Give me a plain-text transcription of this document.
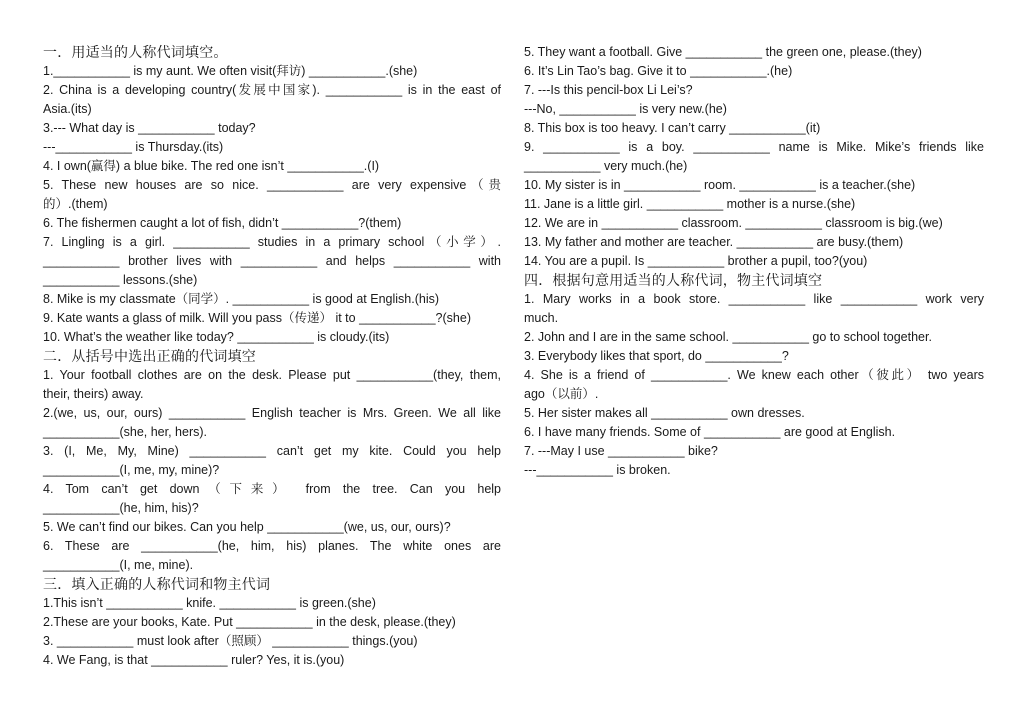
一．用适当的人称代词填空。
1.___________ is my aunt. We often visit(拜访) ___________.(she)
2. China is a developing country(发展中国家). ___________ is in the east of
Asia.(its)
3.--- What day is ___________ today?
---___________ is Thursday.(its)
4. I own(赢得) a blue bike. The red one isn’t ___________.(I)
5. These new houses are so nice. ___________ are very expensive（贵
的）.(them)
6. The fishermen caught a lot of fish, didn’t ___________?(them)
7. Lingling is a girl. ___________ studies in a primary school（小学）.
___________ brother lives with ___________ and helps ___________ with
___________ lessons.(she)
8. Mike is my classmate（同学）. ___________ is good at English.(his)
9. Kate wants a glass of milk. Will you pass（传递） it to ___________?(she)
10. What’s the weather like today? ___________ is cloudy.(its)
二．从括号中选出正确的代词填空
1. Your football clothes are on the desk. Please put ___________(they, them,
their, theirs) away.
2.(we, us, our, ours) ___________ English teacher is Mrs. Green. We all like
___________(she, her, hers).
3. (I, Me, My, Mine) ___________ can’t get my kite. Could you help
___________(I, me, my, mine)?
4. Tom can’t get down（下来） from the tree. Can you help
___________(he, him, his)?
5. We can’t find our bikes. Can you help ___________(we, us, our, ours)?
6. These are ___________(he, him, his) planes. The white ones are
___________(I, me, mine).
三．填入正确的人称代词和物主代词
1.This isn’t ___________ knife. ___________ is green.(she)
2.These are your books, Kate. Put ___________ in the desk, please.(they)
3. ___________ must look after（照顾） ___________ things.(you)
4. We Fang, is that ___________ ruler? Yes, it is.(you)
5. They want a football. Give ___________ the green one, please.(they)
6. It’s Lin Tao’s bag. Give it to ___________.(he)
7. ---Is this pencil-box Li Lei’s?
---No, ___________ is very new.(he)
8. This box is too heavy. I can’t carry ___________(it)
9. ___________ is a boy. ___________ name is Mike. Mike’s friends like
___________ very much.(he)
10. My sister is in ___________ room. ___________ is a teacher.(she)
11. Jane is a little girl. ___________ mother is a nurse.(she)
12. We are in ___________ classroom. ___________ classroom is big.(we)
13. My father and mother are teacher. ___________ are busy.(them)
14. You are a pupil. Is ___________ brother a pupil, too?(you)
四．根据句意用适当的人称代词，物主代词填空
1. Mary works in a book store. ___________ like ___________ work very
much.
2. John and I are in the same school. ___________ go to school together.
3. Everybody likes that sport, do ___________?
4. She is a friend of ___________. We knew each other（彼此） two years
ago（以前）.
5. Her sister makes all ___________ own dresses.
6. I have many friends. Some of ___________ are good at English.
7. ---May I use ___________ bike?
---___________ is broken.
